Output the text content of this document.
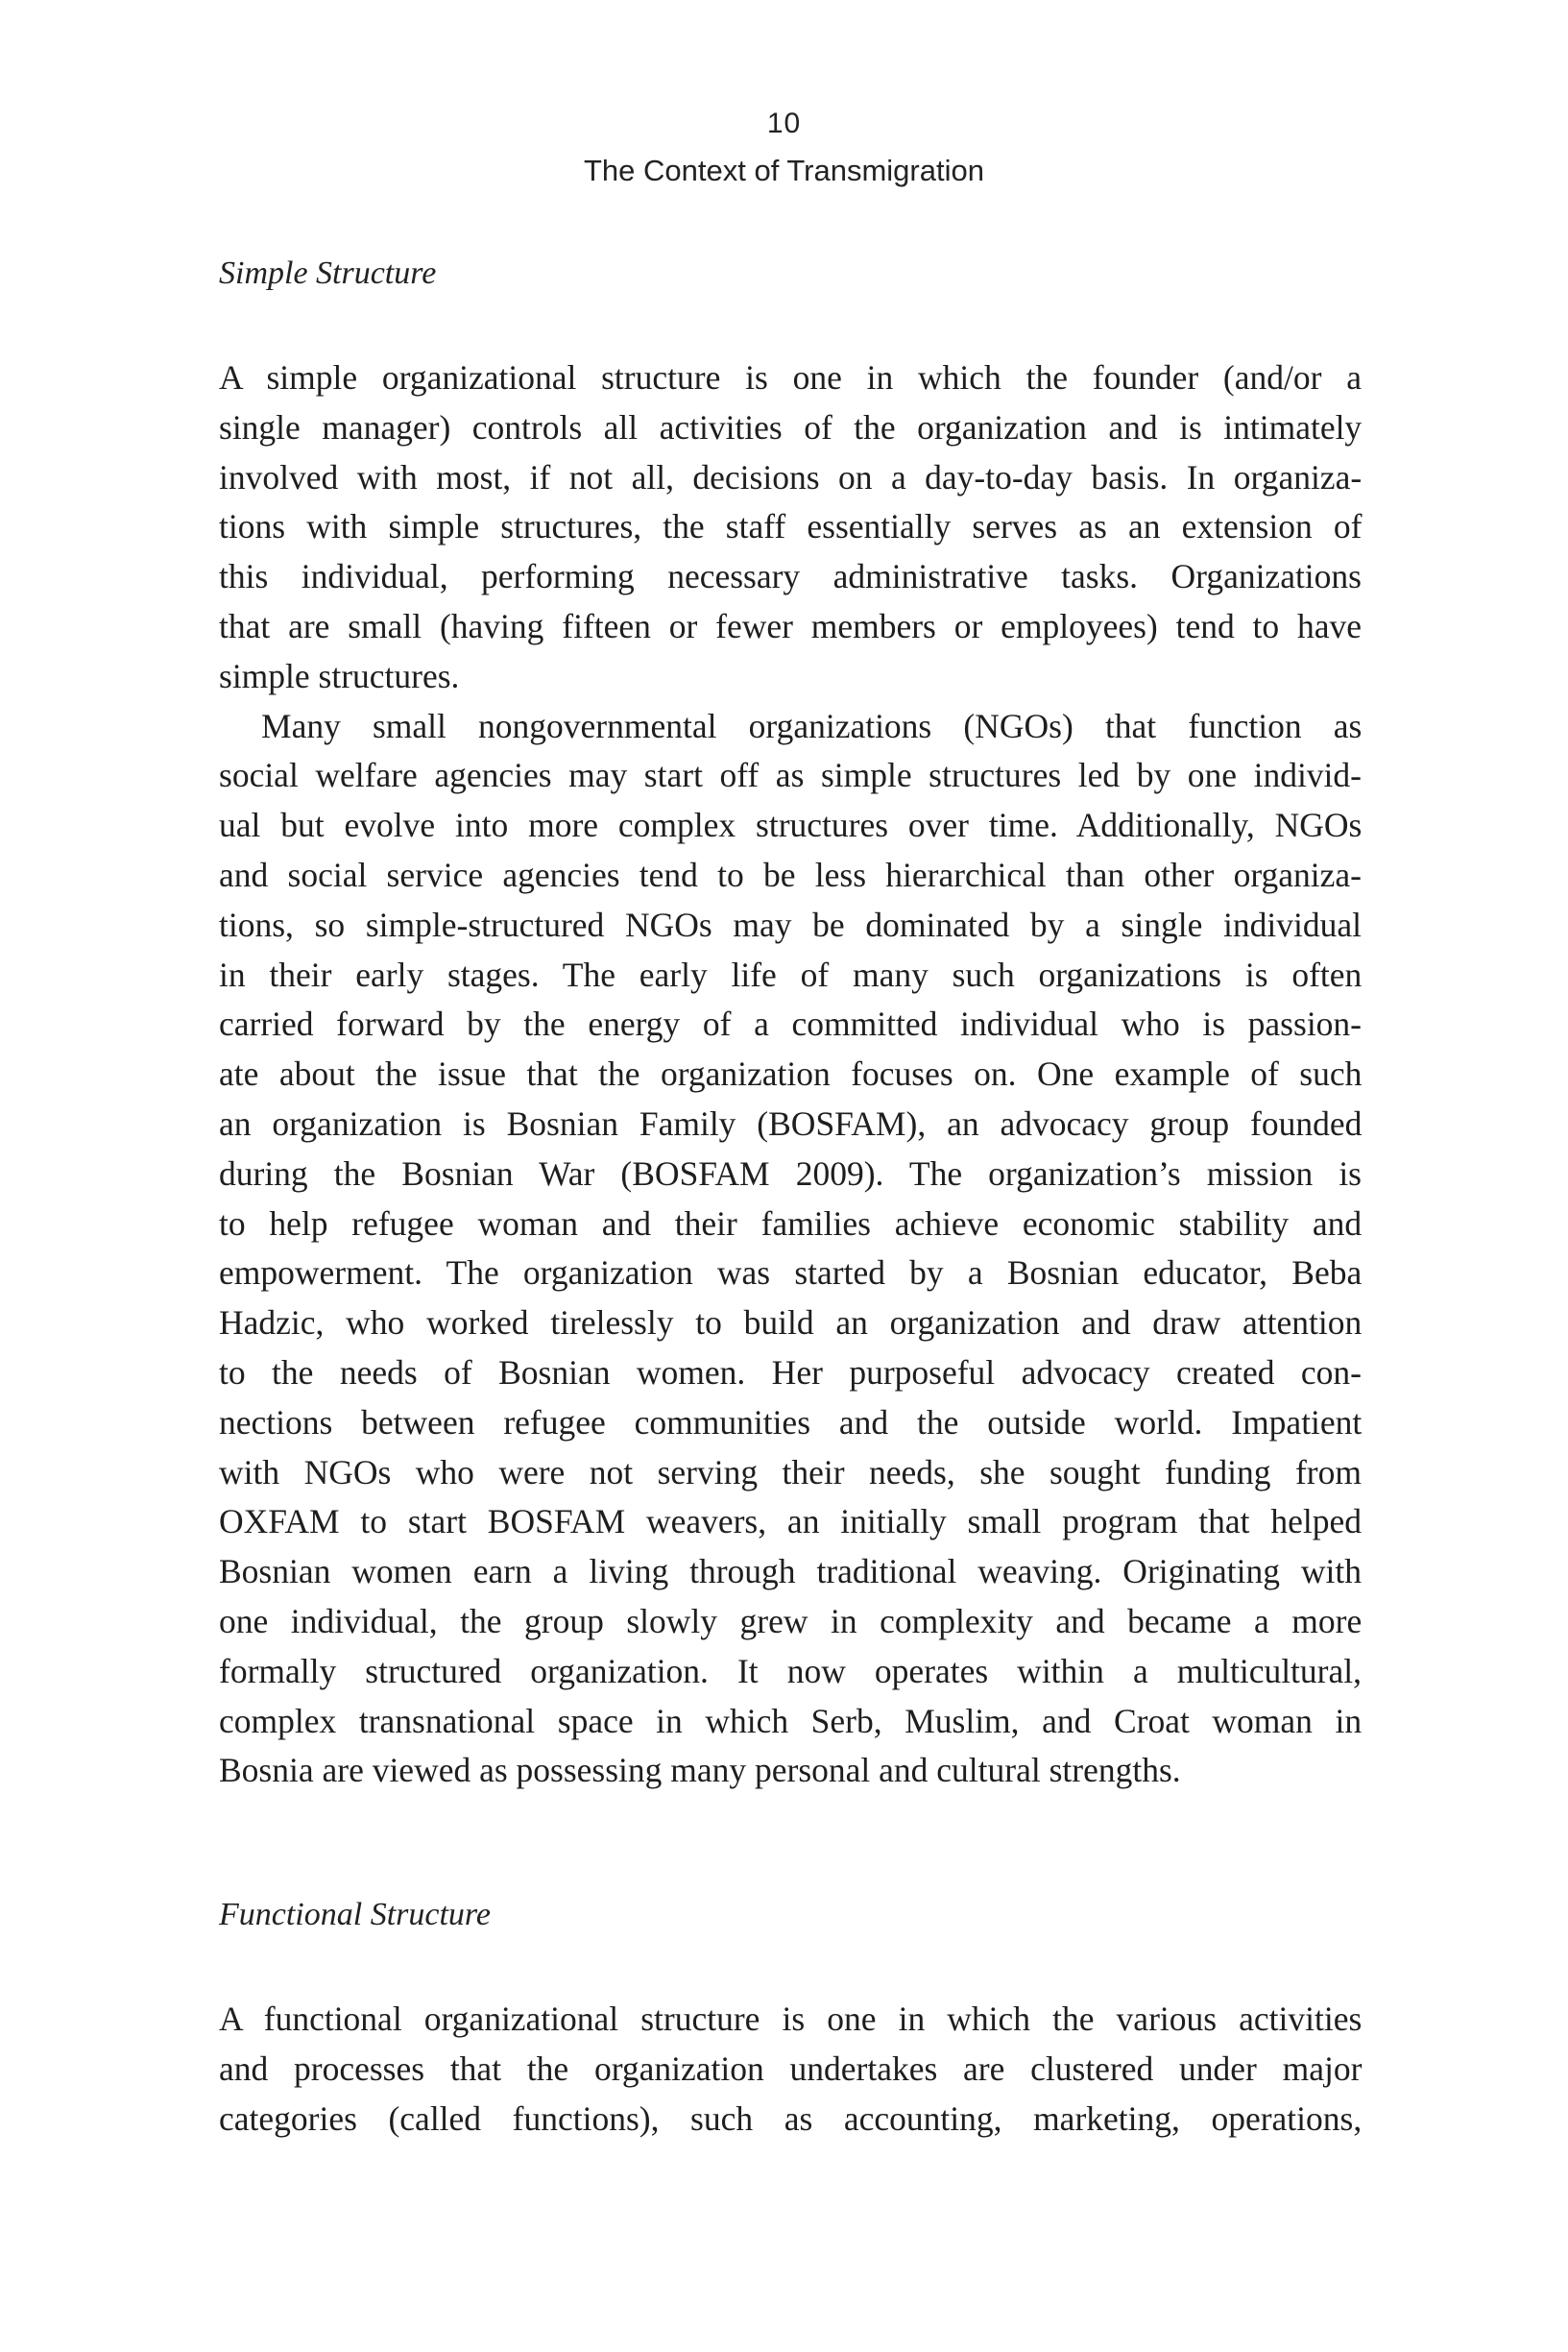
10
The Context of Transmigration
Simple Structure
A simple organizational structure is one in which the founder (and/or a
single manager) controls all activities of the organization and is intimately
involved with most, if not all, decisions on a day-to-day basis. In organiza-
tions with simple structures, the staff essentially serves as an extension of
this individual, performing necessary administrative tasks. Organizations
that are small (having fifteen or fewer members or employees) tend to have
simple structures.
Many small nongovernmental organizations (NGOs) that function as
social welfare agencies may start off as simple structures led by one individ-
ual but evolve into more complex structures over time. Additionally, NGOs
and social service agencies tend to be less hierarchical than other organiza-
tions, so simple-structured NGOs may be dominated by a single individual
in their early stages. The early life of many such organizations is often
carried forward by the energy of a committed individual who is passion-
ate about the issue that the organization focuses on. One example of such
an organization is Bosnian Family (BOSFAM), an advocacy group founded
during the Bosnian War (BOSFAM 2009). The organization’s mission is
to help refugee woman and their families achieve economic stability and
empowerment. The organization was started by a Bosnian educator, Beba
Hadzic, who worked tirelessly to build an organization and draw attention
to the needs of Bosnian women. Her purposeful advocacy created con-
nections between refugee communities and the outside world. Impatient
with NGOs who were not serving their needs, she sought funding from
OXFAM to start BOSFAM weavers, an initially small program that helped
Bosnian women earn a living through traditional weaving. Originating with
one individual, the group slowly grew in complexity and became a more
formally structured organization. It now operates within a multicultural,
complex transnational space in which Serb, Muslim, and Croat woman in
Bosnia are viewed as possessing many personal and cultural strengths.
Functional Structure
A functional organizational structure is one in which the various activities
and processes that the organization undertakes are clustered under major
categories (called functions), such as accounting, marketing, operations,
